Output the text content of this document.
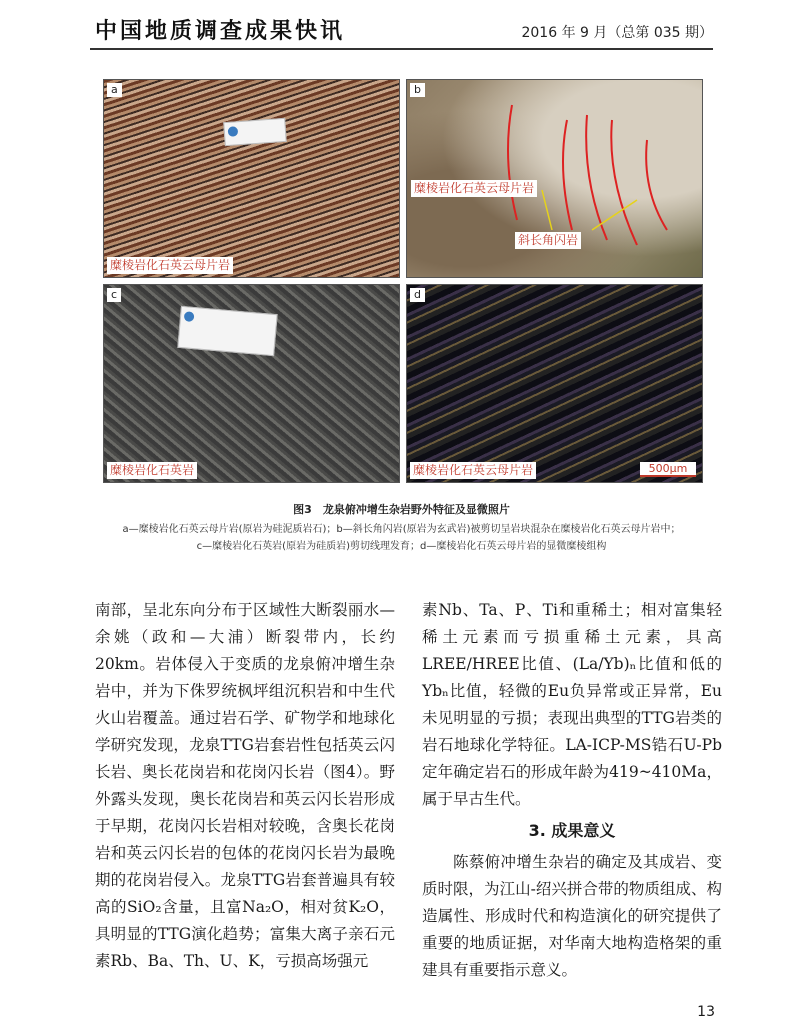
中国地质调查成果快讯	2016 年 9 月（总第 035 期）
a
糜棱岩化石英云母片岩
b
糜棱岩化石英云母片岩
斜长角闪岩
c
糜棱岩化石英岩
d
糜棱岩化石英云母片岩	500μm
图3　龙泉俯冲增生杂岩野外特征及显微照片
a—糜棱岩化石英云母片岩(原岩为硅泥质岩石)；b—斜长角闪岩(原岩为玄武岩)被剪切呈岩块混杂在糜棱岩化石英云母片岩中；
c—糜棱岩化石英岩(原岩为硅质岩)剪切线理发育；d—糜棱岩化石英云母片岩的显微糜棱组构

南部，呈北东向分布于区域性大断裂丽水—余姚（政和—大浦）断裂带内，长约20km。岩体侵入于变质的龙泉俯冲增生杂岩中，并为下侏罗统枫坪组沉积岩和中生代火山岩覆盖。通过岩石学、矿物学和地球化学研究发现，龙泉TTG岩套岩性包括英云闪长岩、奥长花岗岩和花岗闪长岩（图4）。野外露头发现，奥长花岗岩和英云闪长岩形成于早期，花岗闪长岩相对较晚，含奥长花岗岩和英云闪长岩的包体的花岗闪长岩为最晚期的花岗岩侵入。龙泉TTG岩套普遍具有较高的SiO₂含量，且富Na₂O，相对贫K₂O，具明显的TTG演化趋势；富集大离子亲石元素Rb、Ba、Th、U、K，亏损高场强元

素Nb、Ta、P、Ti和重稀土；相对富集轻稀土元素而亏损重稀土元素，具高LREE/HREE比值、(La/Yb)ₙ比值和低的Ybₙ比值，轻微的Eu负异常或正异常，Eu未见明显的亏损；表现出典型的TTG岩类的岩石地球化学特征。LA-ICP-MS锆石U-Pb定年确定岩石的形成年龄为419~410Ma，属于早古生代。

3. 成果意义

陈蔡俯冲增生杂岩的确定及其成岩、变质时限，为江山-绍兴拼合带的物质组成、构造属性、形成时代和构造演化的研究提供了重要的地质证据，对华南大地构造格架的重建具有重要指示意义。

13
